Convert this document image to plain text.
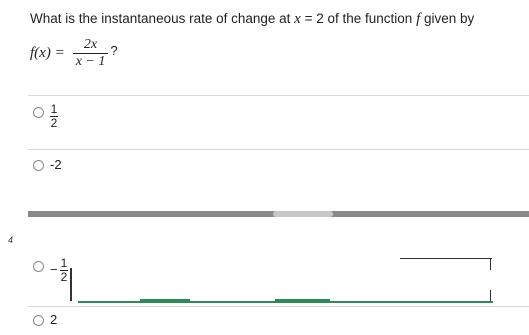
What is the instantaneous rate of change at x = 2 of the function f given by
$f(x) = \frac{2x}{x - 1}$ ?
1
2
-2
4
− 1
2
2
